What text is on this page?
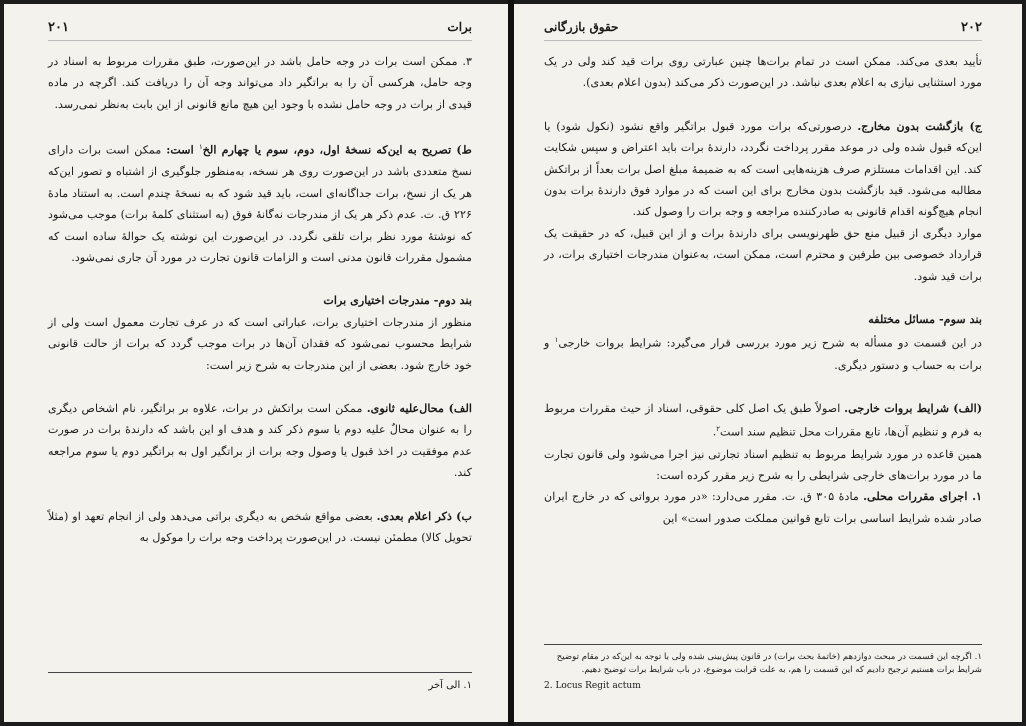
برات
۲۰۱

۳. ممکن است برات در وجه حامل باشد در این‌صورت، طبق مقررات مربوط به اسناد در وجه حامل، هرکسی آن را به براتگیر داد می‌تواند وجه آن را دریافت کند. اگرچه در ماده قیدی از برات در وجه حامل نشده با وجود این هیچ مانع قانونی از این بابت به‌نظر نمی‌رسد.

ط) تصریح به این‌که نسخهٔ اول، دوم، سوم یا چهارم الخ$^۱$ است: ممکن است برات دارای نسخ متعددی باشد در این‌صورت روی هر نسخه، به‌منظور جلوگیری از اشتباه و تصور این‌که هر یک از نسخ، برات جداگانه‌ای است، باید قید شود که به نسخهٔ چندم است. به استناد مادهٔ ۲۲۶ ق. ت. عدم ذکر هر یک از مندرجات نه‌گانهٔ فوق (به استثنای کلمهٔ برات) موجب می‌شود که نوشتهٔ مورد نظر برات تلقی نگردد. در این‌صورت این نوشته یک حوالهٔ ساده است که مشمول مقررات قانون مدنی است و الزامات قانون تجارت در مورد آن جاری نمی‌شود.

بند دوم- مندرجات اختیاری برات

منظور از مندرجات اختیاری برات، عباراتی است که در عرف تجارت معمول است ولی از شرایط محسوب نمی‌شود که فقدان آن‌ها در برات موجب گردد که برات از حالت قانونی خود خارج شود. بعضی از این مندرجات به شرح زیر است:

الف) محال‌علیه ثانوی. ممکن است براتکش در برات، علاوه بر براتگیر، نام اشخاص دیگری را به عنوان محالٌ علیه دوم یا سوم ذکر کند و هدف او این باشد که دارندهٔ برات در صورت عدم موفقیت در اخذ قبول یا وصول وجه برات از براتگیر اول به براتگیر دوم یا سوم مراجعه کند.

ب) ذکر اعلام بعدی. بعضی مواقع شخص به دیگری براتی می‌دهد ولی از انجام تعهد او (مثلاً تحویل کالا) مطمئن نیست. در این‌صورت پرداخت وجه برات را موکول به

۱. الی آخر
۲۰۲
حقوق بازرگانی

تأیید بعدی می‌کند. ممکن است در تمام برات‌ها چنین عبارتی روی برات قید کند ولی در یک مورد استثنایی نیازی به اعلام بعدی نباشد. در این‌صورت ذکر می‌کند (بدون اعلام بعدی).

ج) بازگشت بدون مخارج. درصورتی‌که برات مورد قبول براتگیر واقع نشود (نکول شود) یا این‌که قبول شده ولی در موعد مقرر پرداخت نگردد، دارندهٔ برات باید اعتراض و سپس شکایت کند. این اقدامات مستلزم صرف هزینه‌هایی است که به ضمیمهٔ مبلغ اصل برات بعداً از براتکش مطالبه می‌شود. قید بازگشت بدون مخارج برای این است که در موارد فوق دارندهٔ برات بدون انجام هیچ‌گونه اقدام قانونی به صادرکننده مراجعه و وجه برات را وصول کند.

موارد دیگری از قبیل منع حق ظهرنویسی برای دارندهٔ برات و از این قبیل، که در حقیقت یک قرارداد خصوصی بین طرفین و محترم است، ممکن است، به‌عنوان مندرجات اختیاری برات، در برات قید شود.

بند سوم- مسائل مختلفه

در این قسمت دو مسأله به شرح زیر مورد بررسی قرار می‌گیرد: شرایط بروات خارجی$^۱$ و برات به حساب و دستور دیگری.

(الف) شرایط بروات خارجی. اصولاً طبق یک اصل کلی حقوقی، اسناد از حیث مقررات مربوط به فرم و تنظیم آن‌ها، تابع مقررات محل تنظیم سند است$^۲$.

همین قاعده در مورد شرایط مربوط به تنظیم اسناد تجارتی نیز اجرا می‌شود ولی قانون تجارت ما در مورد برات‌های خارجی شرایطی را به شرح زیر مقرر کرده است:

۱. اجرای مقررات محلی. مادهٔ ۳۰۵ ق. ت. مقرر می‌دارد: «در مورد برواتی که در خارج ایران صادر شده شرایط اساسی برات تابع قوانین مملکت صدور است» این

۱. اگرچه این قسمت در مبحث دوازدهم (خاتمهٔ بحث برات) در قانون پیش‌بینی شده ولی با توجه به این‌که در مقام توضیح شرایط برات هستیم ترجیح دادیم که این قسمت را هم، به علت قرابت موضوع، در باب شرایط برات توضیح دهیم.
2. Locus Regit actum
